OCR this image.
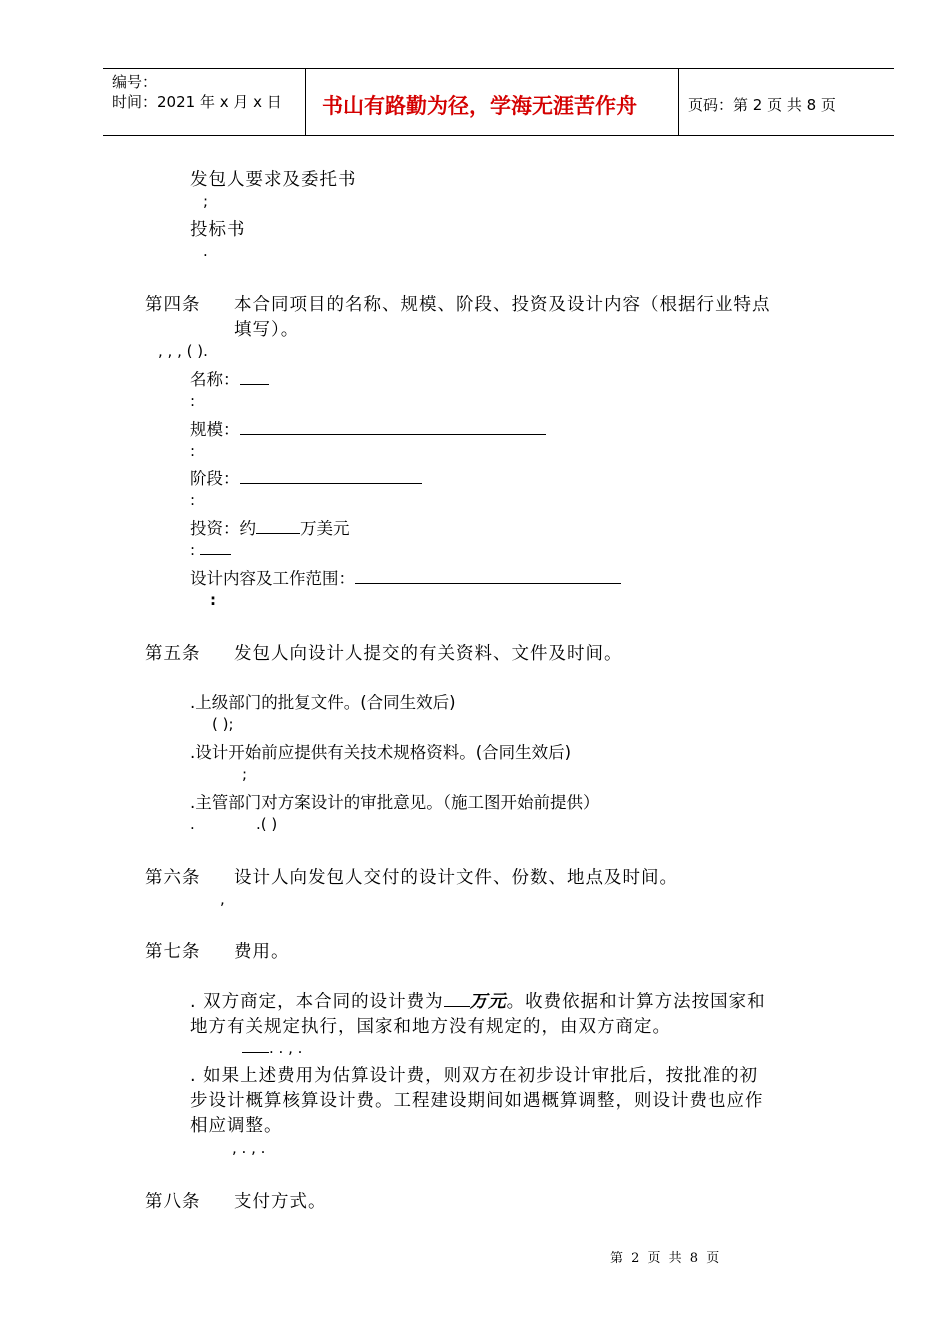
编号：
时间：2021 年 x 月 x 日 书山有路勤为径，学海无涯苦作舟	页码：第 2 页 共 8 页
发包人要求及委托书
;
投标书
.
第四条 本合同项目的名称、规模、阶段、投资及设计内容（根据行业特点
填写）。
, , , ( ).
名称：
:
规模：
:
阶段：
:
投资：约	万美元
:
设计内容及工作范围：
:
第五条 发包人向设计人提交的有关资料、文件及时间。
.上级部门的批复文件。(合同生效后)
( );
.设计开始前应提供有关技术规格资料。(合同生效后)
;
.主管部门对方案设计的审批意见。（施工图开始前提供）
.	.( )
第六条 设计人向发包人交付的设计文件、份数、地点及时间。
,
第七条 费用。
. 双方商定，本合同的设计费为 万元。收费依据和计算方法按国家和
地方有关规定执行，国家和地方没有规定的，由双方商定。
. . , .
. 如果上述费用为估算设计费，则双方在初步设计审批后，按批准的初
步设计概算核算设计费。工程建设期间如遇概算调整，则设计费也应作
相应调整。
, . , .
第八条 支付方式。
第 2 页 共 8 页
